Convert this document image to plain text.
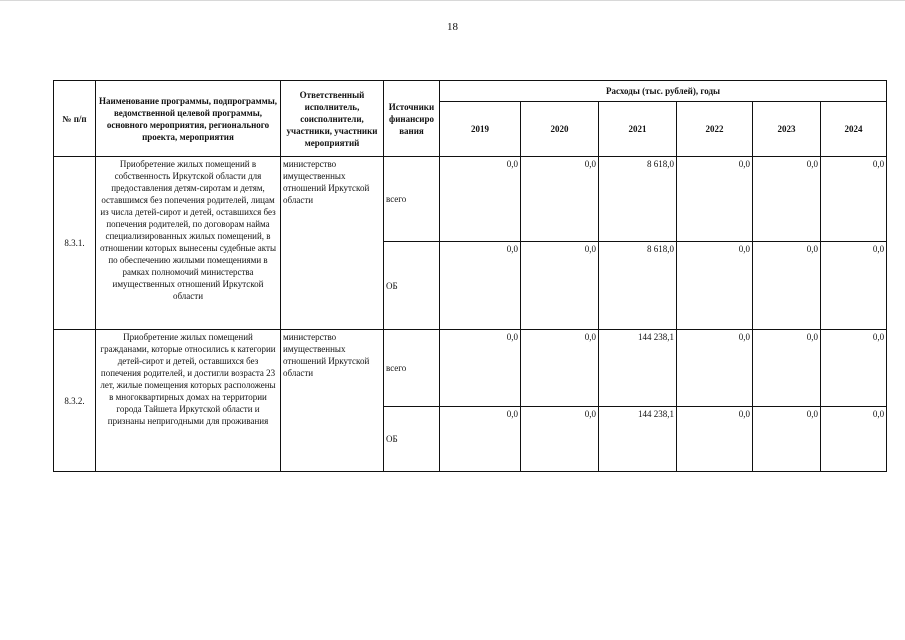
18
№ п/п	Наименование программы, подпрограммы, ведомственной целевой программы, основного мероприятия, регионального проекта, мероприятия	Ответственный исполнитель, соисполнители, участники, участники мероприятий	Источники финансиро вания	Расходы (тыс. рублей), годы					
				2019	2020	2021	2022	2023	2024
8.3.1.	Приобретение жилых помещений в собственность Иркутской области для предоставления детям-сиротам и детям, оставшимся без попечения родителей, лицам из числа детей-сирот и детей, оставшихся без попечения родителей, по договорам найма специализированных жилых помещений, в отношении которых вынесены судебные акты по обеспечению жилыми помещениями в рамках полномочий министерства имущественных отношений Иркутской области	министерство имущественных отношений Иркутской области	всего	0,0	0,0	8 618,0	0,0	0,0	0,0
			ОБ	0,0	0,0	8 618,0	0,0	0,0	0,0
8.3.2.	Приобретение жилых помещений гражданами, которые относились к категории детей-сирот и детей, оставшихся без попечения родителей, и достигли возраста 23 лет, жилые помещения которых расположены в многоквартирных домах на территории города Тайшета Иркутской области и признаны непригодными для проживания	министерство имущественных отношений Иркутской области	всего	0,0	0,0	144 238,1	0,0	0,0	0,0
			ОБ	0,0	0,0	144 238,1	0,0	0,0	0,0
